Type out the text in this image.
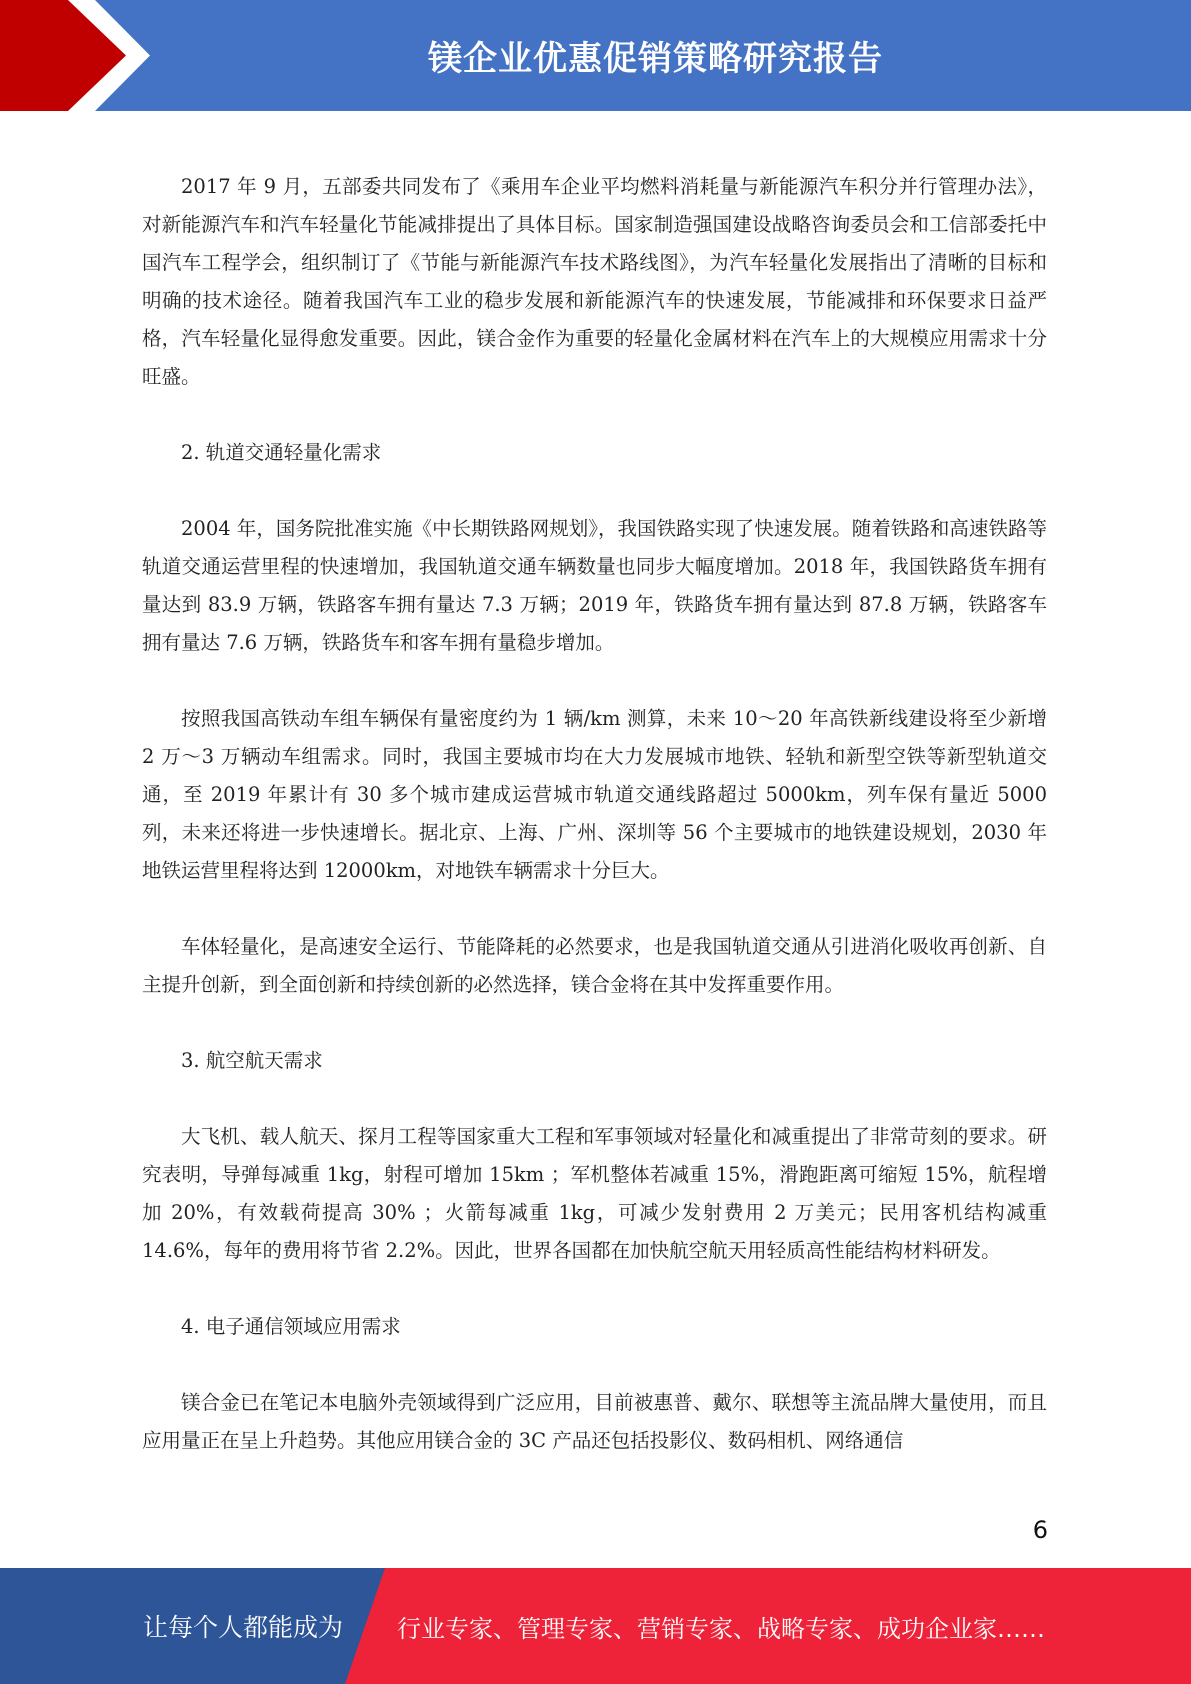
镁企业优惠促销策略研究报告

2017 年 9 月，五部委共同发布了《乘用车企业平均燃料消耗量与新能源汽车积分并行管理办法》，对新能源汽车和汽车轻量化节能减排提出了具体目标。国家制造强国建设战略咨询委员会和工信部委托中国汽车工程学会，组织制订了《节能与新能源汽车技术路线图》，为汽车轻量化发展指出了清晰的目标和明确的技术途径。随着我国汽车工业的稳步发展和新能源汽车的快速发展，节能减排和环保要求日益严格，汽车轻量化显得愈发重要。因此，镁合金作为重要的轻量化金属材料在汽车上的大规模应用需求十分旺盛。

2. 轨道交通轻量化需求

2004 年，国务院批准实施《中长期铁路网规划》，我国铁路实现了快速发展。随着铁路和高速铁路等轨道交通运营里程的快速增加，我国轨道交通车辆数量也同步大幅度增加。2018 年，我国铁路货车拥有量达到 83.9 万辆，铁路客车拥有量达 7.3 万辆；2019 年，铁路货车拥有量达到 87.8 万辆，铁路客车拥有量达 7.6 万辆，铁路货车和客车拥有量稳步增加。

按照我国高铁动车组车辆保有量密度约为 1 辆/km 测算，未来 10～20 年高铁新线建设将至少新增 2 万～3 万辆动车组需求。同时，我国主要城市均在大力发展城市地铁、轻轨和新型空铁等新型轨道交通，至 2019 年累计有 30 多个城市建成运营城市轨道交通线路超过 5000km，列车保有量近 5000 列，未来还将进一步快速增长。据北京、上海、广州、深圳等 56 个主要城市的地铁建设规划，2030 年地铁运营里程将达到 12000km，对地铁车辆需求十分巨大。

车体轻量化，是高速安全运行、节能降耗的必然要求，也是我国轨道交通从引进消化吸收再创新、自主提升创新，到全面创新和持续创新的必然选择，镁合金将在其中发挥重要作用。

3. 航空航天需求

大飞机、载人航天、探月工程等国家重大工程和军事领域对轻量化和减重提出了非常苛刻的要求。研究表明，导弹每减重 1kg，射程可增加 15km ；军机整体若减重 15%，滑跑距离可缩短 15%，航程增加 20%，有效载荷提高 30% ；火箭每减重 1kg，可减少发射费用 2 万美元；民用客机结构减重 14.6%，每年的费用将节省 2.2%。因此，世界各国都在加快航空航天用轻质高性能结构材料研发。

4. 电子通信领域应用需求

镁合金已在笔记本电脑外壳领域得到广泛应用，目前被惠普、戴尔、联想等主流品牌大量使用，而且应用量正在呈上升趋势。其他应用镁合金的 3C 产品还包括投影仪、数码相机、网络通信

6
让每个人都能成为 行业专家、管理专家、营销专家、战略专家、成功企业家……
